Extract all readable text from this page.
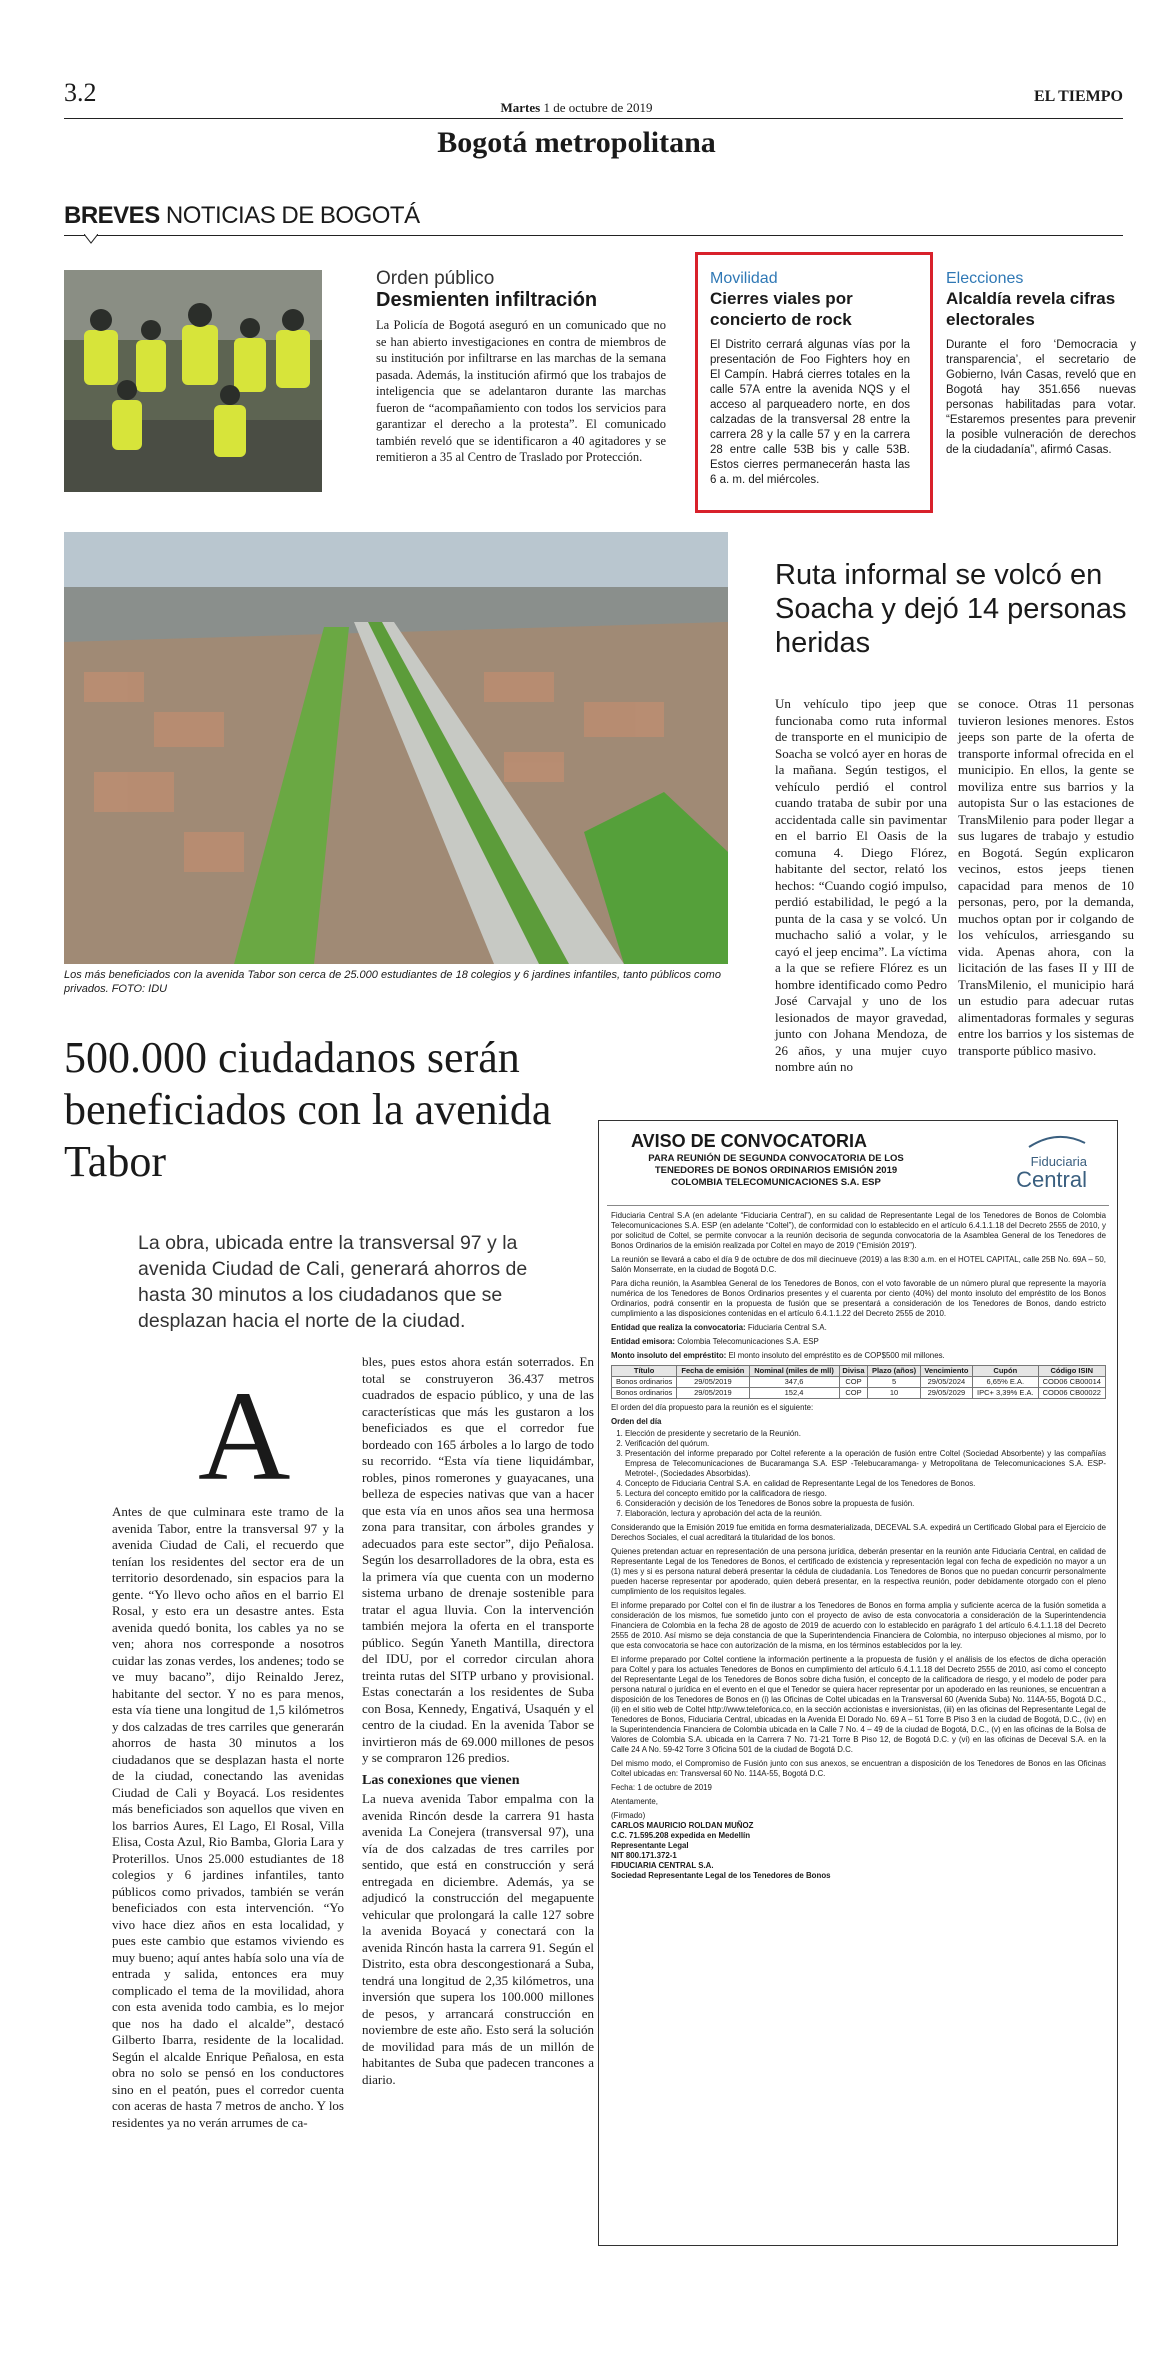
3.2
Martes 1 de octubre de 2019
EL TIEMPO
Bogotá metropolitana
BREVES NOTICIAS DE BOGOTÁ
Orden público
Desmienten infiltración
La Policía de Bogotá aseguró en un comunicado que no se han abierto investigaciones en contra de miembros de su institución por infiltrarse en las marchas de la semana pasada. Además, la institución afirmó que los trabajos de inteligencia que se adelantaron durante las marchas fueron de “acompañamiento con todos los servicios para garantizar el derecho a la protesta”. El comunicado también reveló que se identificaron a 40 agitadores y se remitieron a 35 al Centro de Traslado por Protección.
Movilidad
Cierres viales por concierto de rock
El Distrito cerrará algunas vías por la presentación de Foo Fighters hoy en El Campín. Habrá cierres totales en la calle 57A entre la avenida NQS y el acceso al parqueadero norte, en dos calzadas de la transversal 28 entre la carrera 28 y la calle 57 y en la carrera 28 entre calle 53B bis y calle 53B. Estos cierres permanecerán hasta las 6 a. m. del miércoles.
Elecciones
Alcaldía revela cifras electorales
Durante el foro ‘Democracia y transparencia’, el secretario de Gobierno, Iván Casas, reveló que en Bogotá hay 351.656 nuevas personas habilitadas para votar. “Estaremos presentes para prevenir la posible vulneración de derechos de la ciudadanía”, afirmó Casas.
Los más beneficiados con la avenida Tabor son cerca de 25.000 estudiantes de 18 colegios y 6 jardines infantiles, tanto públicos como privados. FOTO: IDU
Ruta informal se volcó en Soacha y dejó 14 personas heridas
Un vehículo tipo jeep que funcionaba como ruta informal de transporte en el municipio de Soacha se volcó ayer en horas de la mañana. Según testigos, el vehículo perdió el control cuando trataba de subir por una accidentada calle sin pavimentar en el barrio El Oasis de la comuna 4. Diego Flórez, habitante del sector, relató los hechos: “Cuando cogió impulso, perdió estabilidad, le pegó a la punta de la casa y se volcó. Un muchacho salió a volar, y le cayó el jeep encima”. La víctima a la que se refiere Flórez es un hombre identificado como Pedro José Carvajal y uno de los lesionados de mayor gravedad, junto con Johana Mendoza, de 26 años, y una mujer cuyo nombre aún no
se conoce. Otras 11 personas tuvieron lesiones menores. Estos jeeps son parte de la oferta de transporte informal ofrecida en el municipio. En ellos, la gente se moviliza entre sus barrios y la autopista Sur o las estaciones de TransMilenio para poder llegar a sus lugares de trabajo y estudio en Bogotá. Según explicaron vecinos, estos jeeps tienen capacidad para menos de 10 personas, pero, por la demanda, muchos optan por ir colgando de los vehículos, arriesgando su vida. Apenas ahora, con la licitación de las fases II y III de TransMilenio, el municipio hará un estudio para adecuar rutas alimentadoras formales y seguras entre los barrios y los sistemas de transporte público masivo.
500.000 ciudadanos serán beneficiados con la avenida Tabor
La obra, ubicada entre la transversal 97 y la avenida Ciudad de Cali, generará ahorros de hasta 30 minutos a los ciudadanos que se desplazan hacia el norte de la ciudad.
A
Antes de que culminara este tramo de la avenida Tabor, entre la transversal 97 y la avenida Ciudad de Cali, el recuerdo que tenían los residentes del sector era de un territorio desordenado, sin espacios para la gente. “Yo llevo ocho años en el barrio El Rosal, y esto era un desastre antes. Esta avenida quedó bonita, los cables ya no se ven; ahora nos corresponde a nosotros cuidar las zonas verdes, los andenes; todo se ve muy bacano”, dijo Reinaldo Jerez, habitante del sector. Y no es para menos, esta vía tiene una longitud de 1,5 kilómetros y dos calzadas de tres carriles que generarán ahorros de hasta 30 minutos a los ciudadanos que se desplazan hasta el norte de la ciudad, conectando las avenidas Ciudad de Cali y Boyacá. Los residentes más beneficiados son aquellos que viven en los barrios Aures, El Lago, El Rosal, Villa Elisa, Costa Azul, Rio Bamba, Gloria Lara y Proterillos. Unos 25.000 estudiantes de 18 colegios y 6 jardines infantiles, tanto públicos como privados, también se verán beneficiados con esta intervención. “Yo vivo hace diez años en esta localidad, y pues este cambio que estamos viviendo es muy bueno; aquí antes había solo una vía de entrada y salida, entonces era muy complicado el tema de la movilidad, ahora con esta avenida todo cambia, es lo mejor que nos ha dado el alcalde”, destacó Gilberto Ibarra, residente de la localidad. Según el alcalde Enrique Peñalosa, en esta obra no solo se pensó en los conductores sino en el peatón, pues el corredor cuenta con aceras de hasta 7 metros de ancho. Y los residentes ya no verán arrumes de ca-
bles, pues estos ahora están soterrados. En total se construyeron 36.437 metros cuadrados de espacio público, y una de las características que más les gustaron a los beneficiados es que el corredor fue bordeado con 165 árboles a lo largo de todo su recorrido. “Esta vía tiene liquidámbar, robles, pinos romerones y guayacanes, una belleza de especies nativas que van a hacer que esta vía en unos años sea una hermosa zona para transitar, con árboles grandes y adecuados para este sector”, dijo Peñalosa. Según los desarrolladores de la obra, esta es la primera vía que cuenta con un moderno sistema urbano de drenaje sostenible para tratar el agua lluvia. Con la intervención también mejora la oferta en el transporte público. Según Yaneth Mantilla, directora del IDU, por el corredor circulan ahora treinta rutas del SITP urbano y provisional. Estas conectarán a los residentes de Suba con Bosa, Kennedy, Engativá, Usaquén y el centro de la ciudad. En la avenida Tabor se invirtieron más de 69.000 millones de pesos y se compraron 126 predios.
Las conexiones que vienen
La nueva avenida Tabor empalma con la avenida Rincón desde la carrera 91 hasta avenida La Conejera (transversal 97), una vía de dos calzadas de tres carriles por sentido, que está en construcción y será entregada en diciembre. Además, ya se adjudicó la construcción del megapuente vehicular que prolongará la calle 127 sobre la avenida Boyacá y conectará con la avenida Rincón hasta la carrera 91. Según el Distrito, esta obra descongestionará a Suba, tendrá una longitud de 2,35 kilómetros, una inversión que supera los 100.000 millones de pesos, y arrancará construcción en noviembre de este año. Esto será la solución de movilidad para más de un millón de habitantes de Suba que padecen trancones a diario.
AVISO DE CONVOCATORIA
PARA REUNIÓN DE SEGUNDA CONVOCATORIA DE LOS TENEDORES DE BONOS ORDINARIOS EMISIÓN 2019 COLOMBIA TELECOMUNICACIONES S.A. ESP
Fiduciaria
Central

Fiduciaria Central S.A (en adelante “Fiduciaria Central”), en su calidad de Representante Legal de los Tenedores de Bonos de Colombia Telecomunicaciones S.A. ESP (en adelante “Coltel”), de conformidad con lo establecido en el artículo 6.4.1.1.18 del Decreto 2555 de 2010, y por solicitud de Coltel, se permite convocar a la reunión decisoria de segunda convocatoria de la Asamblea General de los Tenedores de Bonos Ordinarios de la emisión realizada por Coltel en mayo de 2019 (“Emisión 2019”).

La reunión se llevará a cabo el día 9 de octubre de dos mil diecinueve (2019) a las 8:30 a.m. en el HOTEL CAPITAL, calle 25B No. 69A – 50, Salón Monserrate, en la ciudad de Bogotá D.C.

Para dicha reunión, la Asamblea General de los Tenedores de Bonos, con el voto favorable de un número plural que represente la mayoría numérica de los Tenedores de Bonos Ordinarios presentes y el cuarenta por ciento (40%) del monto insoluto del empréstito de los Bonos Ordinarios, podrá consentir en la propuesta de fusión que se presentará a consideración de los Tenedores de Bonos, dando estricto cumplimiento a las disposiciones contenidas en el artículo 6.4.1.1.22 del Decreto 2555 de 2010.

Entidad que realiza la convocatoria: Fiduciaria Central S.A.

Entidad emisora: Colombia Telecomunicaciones S.A. ESP

Monto insoluto del empréstito: El monto insoluto del empréstito es de COP$500 mil millones.

Título	Fecha de emisión	Nominal (miles de mll)	Divisa	Plazo (años)	Vencimiento	Cupón	Código ISIN
Bonos ordinarios	29/05/2019	347,6	COP	5	29/05/2024	6,65% E.A.	COD06 CB00014
Bonos ordinarios	29/05/2019	152,4	COP	10	29/05/2029	IPC+ 3,39% E.A.	COD06 CB00022

El orden del día propuesto para la reunión es el siguiente:

Orden del día

1. Elección de presidente y secretario de la Reunión.
2. Verificación del quórum.
3. Presentación del informe preparado por Coltel referente a la operación de fusión entre Coltel (Sociedad Absorbente) y las compañías Empresa de Telecomunicaciones de Bucaramanga S.A. ESP -Telebucaramanga- y Metropolitana de Telecomunicaciones S.A. ESP-Metrotel-, (Sociedades Absorbidas).
4. Concepto de Fiduciaria Central S.A. en calidad de Representante Legal de los Tenedores de Bonos.
5. Lectura del concepto emitido por la calificadora de riesgo.
6. Consideración y decisión de los Tenedores de Bonos sobre la propuesta de fusión.
7. Elaboración, lectura y aprobación del acta de la reunión.

Considerando que la Emisión 2019 fue emitida en forma desmaterializada, DECEVAL S.A. expedirá un Certificado Global para el Ejercicio de Derechos Sociales, el cual acreditará la titularidad de los bonos.

Quienes pretendan actuar en representación de una persona jurídica, deberán presentar en la reunión ante Fiduciaria Central, en calidad de Representante Legal de los Tenedores de Bonos, el certificado de existencia y representación legal con fecha de expedición no mayor a un (1) mes y si es persona natural deberá presentar la cédula de ciudadanía. Los Tenedores de Bonos que no puedan concurrir personalmente pueden hacerse representar por apoderado, quien deberá presentar, en la respectiva reunión, poder debidamente otorgado con el pleno cumplimiento de los requisitos legales.

El informe preparado por Coltel con el fin de ilustrar a los Tenedores de Bonos en forma amplia y suficiente acerca de la fusión sometida a consideración de los mismos, fue sometido junto con el proyecto de aviso de esta convocatoria a consideración de la Superintendencia Financiera de Colombia en la fecha 28 de agosto de 2019 de acuerdo con lo establecido en parágrafo 1 del artículo 6.4.1.1.18 del Decreto 2555 de 2010. Así mismo se deja constancia de que la Superintendencia Financiera de Colombia, no interpuso objeciones al mismo, por lo que esta convocatoria se hace con autorización de la misma, en los términos establecidos por la ley.

El informe preparado por Coltel contiene la información pertinente a la propuesta de fusión y el análisis de los efectos de dicha operación para Coltel y para los actuales Tenedores de Bonos en cumplimiento del artículo 6.4.1.1.18 del Decreto 2555 de 2010, así como el concepto del Representante Legal de los Tenedores de Bonos sobre dicha fusión, el concepto de la calificadora de riesgo, y el modelo de poder para persona natural o jurídica en el evento en el que el Tenedor se quiera hacer representar por un apoderado en las reuniones, se encuentran a disposición de los Tenedores de Bonos en (i) las Oficinas de Coltel ubicadas en la Transversal 60 (Avenida Suba) No. 114A-55, Bogotá D.C., (ii) en el sitio web de Coltel http://www.telefonica.co, en la sección accionistas e inversionistas, (iii) en las oficinas del Representante Legal de Tenedores de Bonos, Fiduciaria Central, ubicadas en la Avenida El Dorado No. 69 A – 51 Torre B Piso 3 en la ciudad de Bogotá, D.C., (iv) en la Superintendencia Financiera de Colombia ubicada en la Calle 7 No. 4 – 49 de la ciudad de Bogotá, D.C., (v) en las oficinas de la Bolsa de Valores de Colombia S.A. ubicada en la Carrera 7 No. 71-21 Torre B Piso 12, de Bogotá D.C. y (vi) en las oficinas de Deceval S.A. en la Calle 24 A No. 59-42 Torre 3 Oficina 501 de la ciudad de Bogotá D.C.

Del mismo modo, el Compromiso de Fusión junto con sus anexos, se encuentran a disposición de los Tenedores de Bonos en las Oficinas Coltel ubicadas en: Transversal 60 No. 114A-55, Bogotá D.C.

Fecha: 1 de octubre de 2019

Atentamente,

(Firmado)

CARLOS MAURICIO ROLDAN MUÑOZ

C.C. 71.595.208 expedida en Medellín

Representante Legal

NIT 800.171.372-1

FIDUCIARIA CENTRAL S.A.

Sociedad Representante Legal de los Tenedores de Bonos
